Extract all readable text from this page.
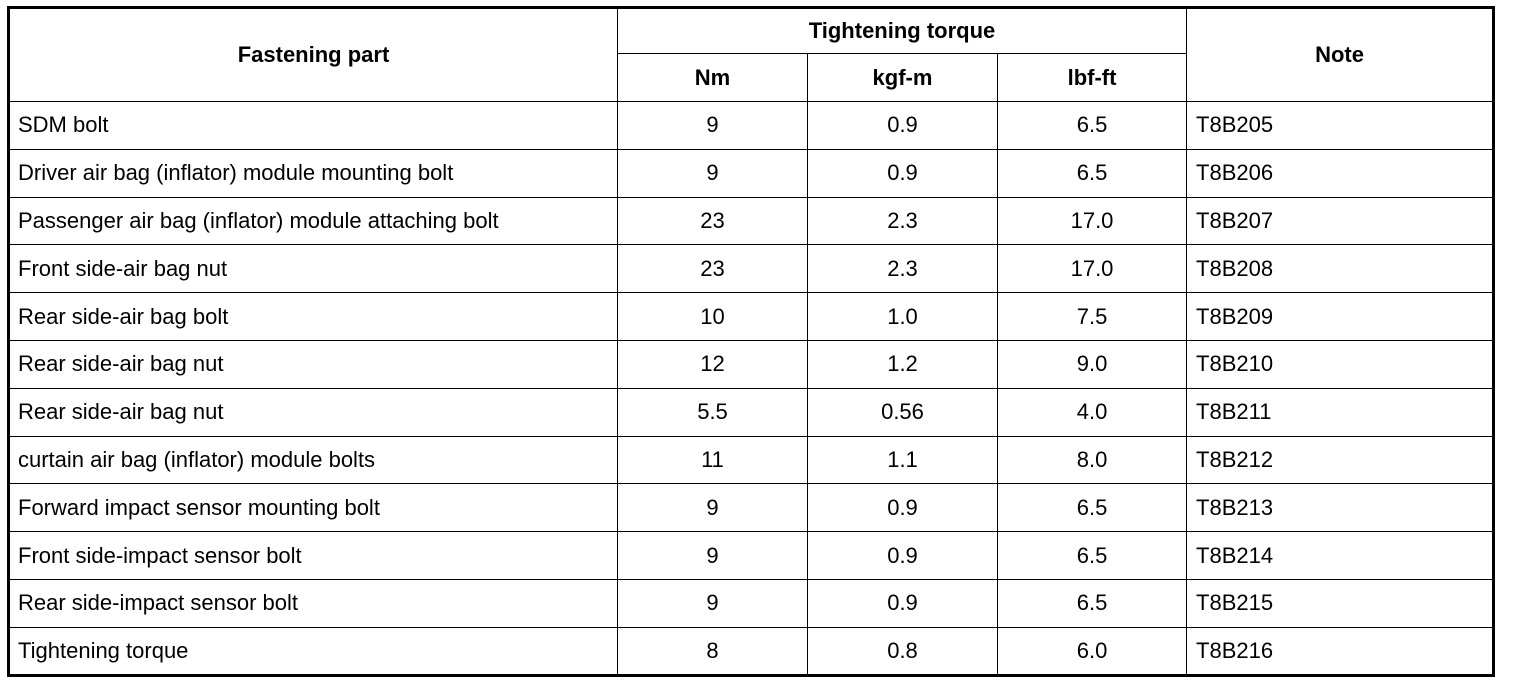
Fastening part	Tightening torque			Note
	Nm	kgf-m	lbf-ft	
SDM bolt	9	0.9	6.5	T8B205
Driver air bag (inflator) module mounting bolt	9	0.9	6.5	T8B206
Passenger air bag (inflator) module attaching bolt	23	2.3	17.0	T8B207
Front side-air bag nut	23	2.3	17.0	T8B208
Rear side-air bag bolt	10	1.0	7.5	T8B209
Rear side-air bag nut	12	1.2	9.0	T8B210
Rear side-air bag nut	5.5	0.56	4.0	T8B211
curtain air bag (inflator) module bolts	11	1.1	8.0	T8B212
Forward impact sensor mounting bolt	9	0.9	6.5	T8B213
Front side-impact sensor bolt	9	0.9	6.5	T8B214
Rear side-impact sensor bolt	9	0.9	6.5	T8B215
Tightening torque	8	0.8	6.0	T8B216
